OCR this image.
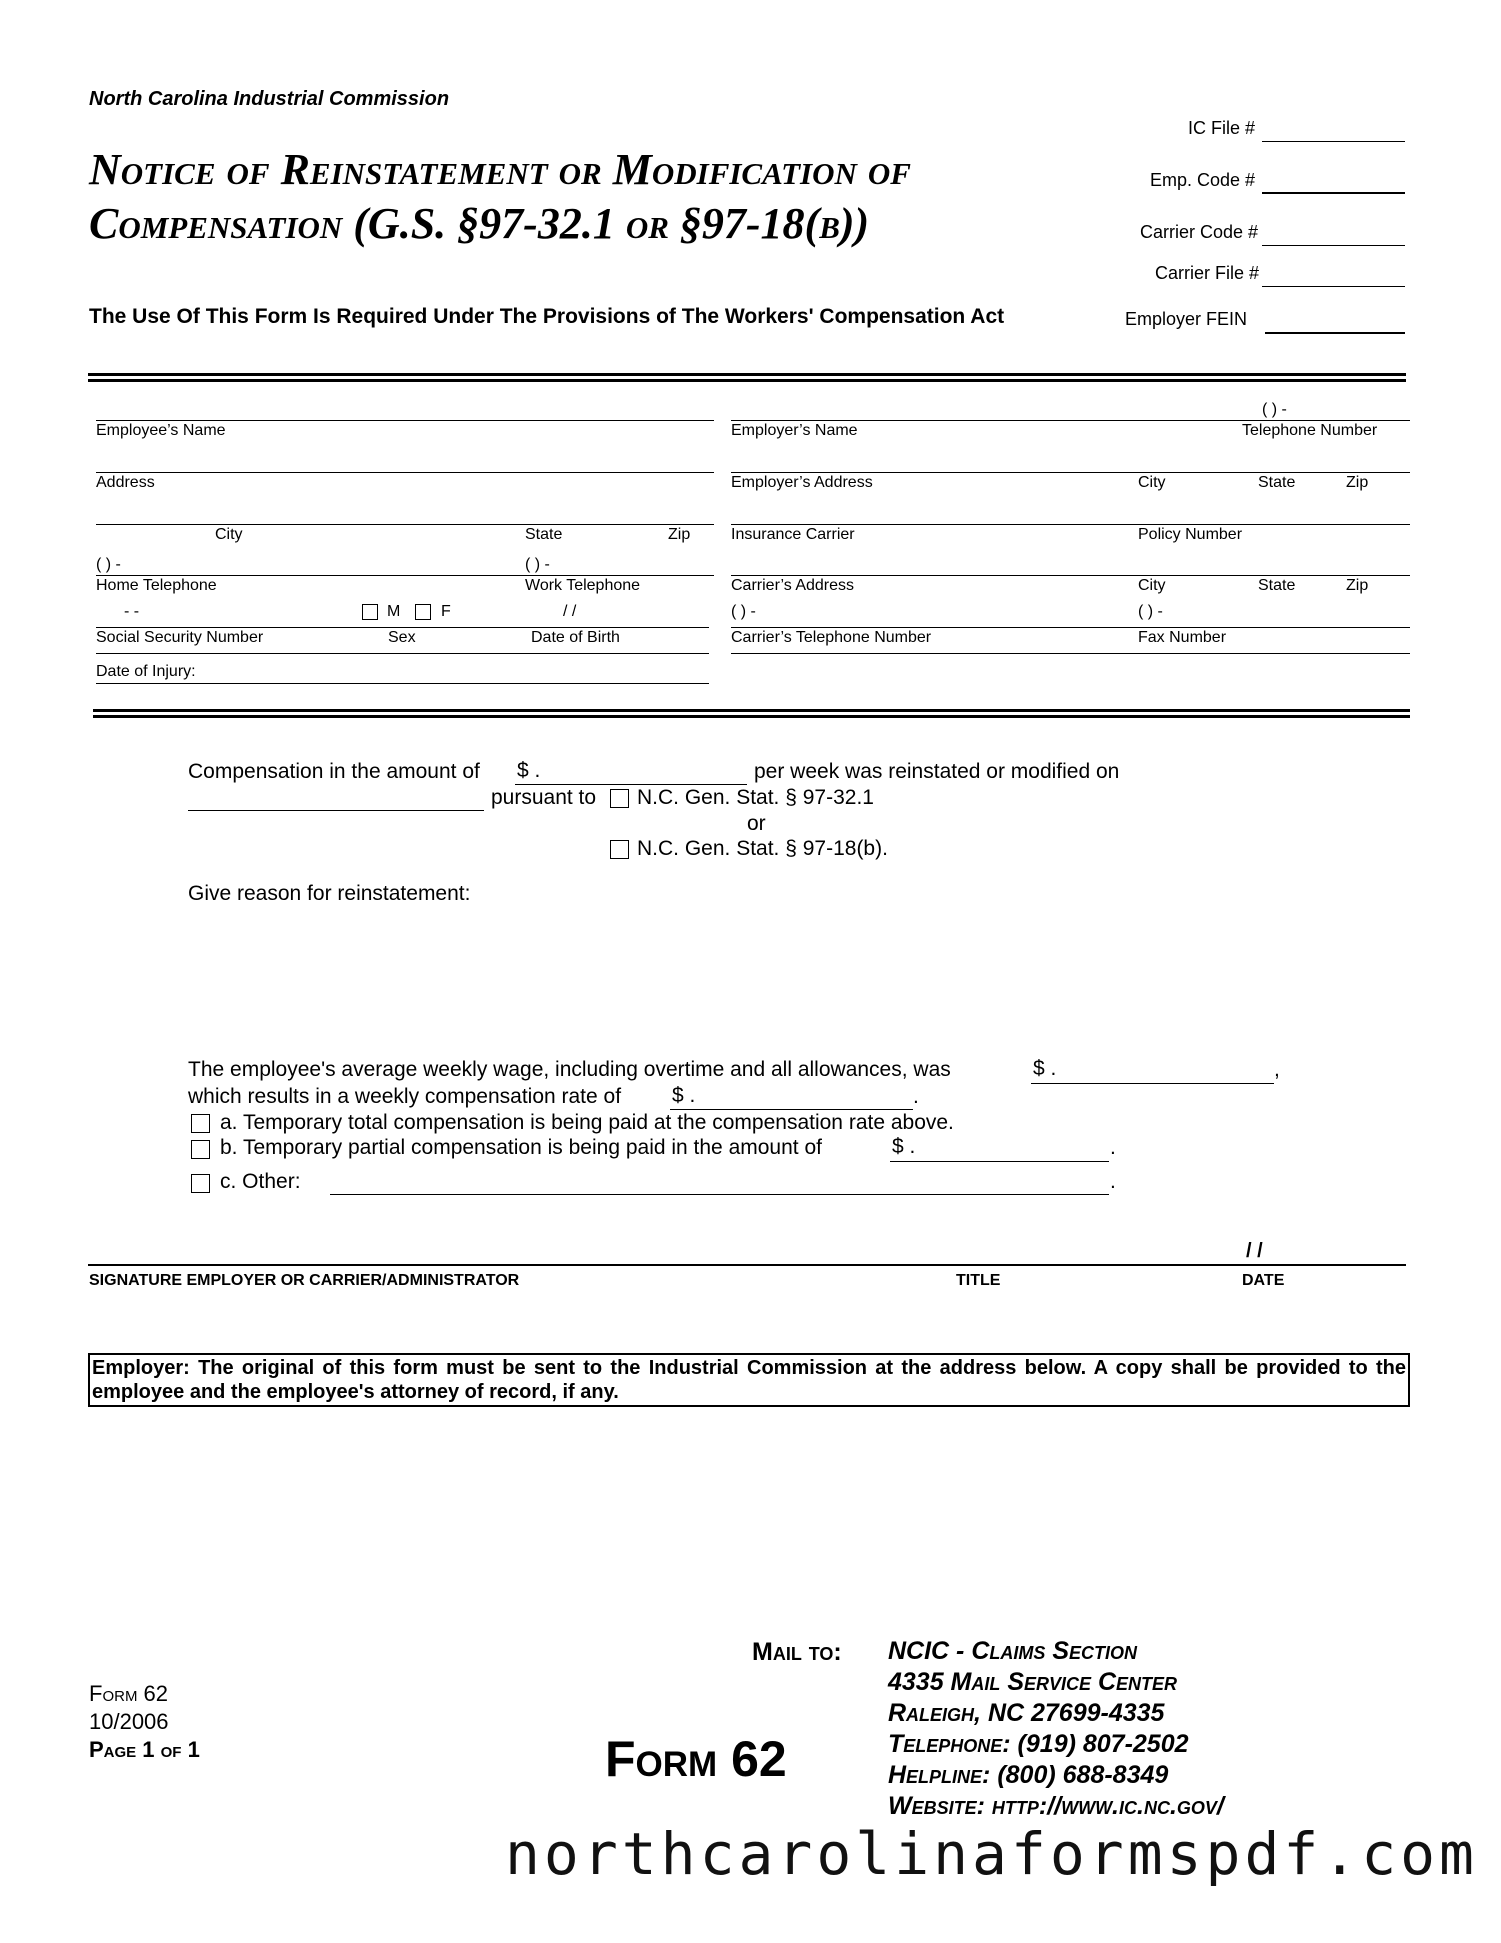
North Carolina Industrial Commission
Notice of Reinstatement or Modification of
Compensation (G.S. §97-32.1 or §97-18(b))
The Use Of This Form Is Required Under The Provisions of The Workers' Compensation Act
IC File #
Emp. Code #
Carrier Code #
Carrier File #
Employer FEIN
Employee’s Name
Address
City	State	Zip
( ) -	( ) -
Home Telephone	Work Telephone
- -	M	F	/ /
Social Security Number	Sex	Date of Birth
Date of Injury:
( ) -
Employer’s Name	Telephone Number
Employer’s Address	City	State	Zip
Insurance Carrier	Policy Number
Carrier’s Address	City	State	Zip
( ) -	( ) -
Carrier’s Telephone Number	Fax Number
Compensation in the amount of $ .	per week was reinstated or modified on
pursuant to N.C. Gen. Stat. § 97-32.1
or
N.C. Gen. Stat. § 97-18(b).
Give reason for reinstatement:
The employee's average weekly wage, including overtime and all allowances, was	$ .	,
which results in a weekly compensation rate of $ .	.
a. Temporary total compensation is being paid at the compensation rate above.
b. Temporary partial compensation is being paid in the amount of	$ .	.
c. Other:	.
/ /
SIGNATURE EMPLOYER OR CARRIER/ADMINISTRATOR	TITLE	DATE
Employer: The original of this form must be sent to the Industrial Commission at the address below. A copy shall be provided to the employee and the employee's attorney of record, if any.
Form 62
10/2006
Page 1 of 1	Form 62
Mail to: NCIC - Claims Section
4335 Mail Service Center
Raleigh, NC 27699-4335
Telephone: (919) 807-2502
Helpline: (800) 688-8349
Website: http://www.ic.nc.gov/
northcarolinaformspdf.com
